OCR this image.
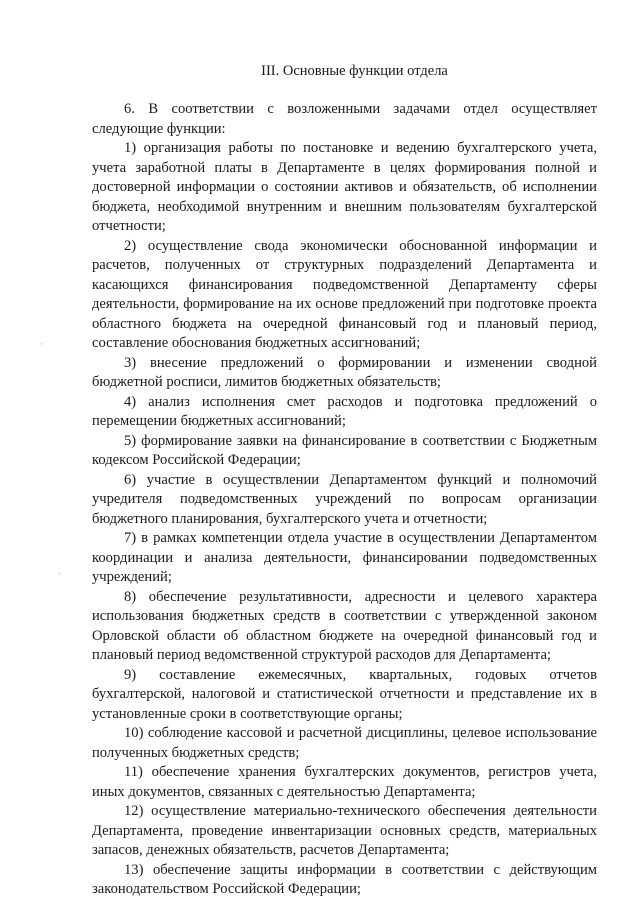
III. Основные функции отдела

6. В соответствии с возложенными задачами отдел осуществляет следующие функции:

1) организация работы по постановке и ведению бухгалтерского учета, учета заработной платы в Департаменте в целях формирования полной и достоверной информации о состоянии активов и обязательств, об исполнении бюджета, необходимой внутренним и внешним пользователям бухгалтерской отчетности;

2) осуществление свода экономически обоснованной информации и расчетов, полученных от структурных подразделений Департамента и касающихся финансирования подведомственной Департаменту сферы деятельности, формирование на их основе предложений при подготовке проекта областного бюджета на очередной финансовый год и плановый период, составление обоснования бюджетных ассигнований;

3) внесение предложений о формировании и изменении сводной бюджетной росписи, лимитов бюджетных обязательств;

4) анализ исполнения смет расходов и подготовка предложений о перемещении бюджетных ассигнований;

5) формирование заявки на финансирование в соответствии с Бюджетным кодексом Российской Федерации;

6) участие в осуществлении Департаментом функций и полномочий учредителя подведомственных учреждений по вопросам организации бюджетного планирования, бухгалтерского учета и отчетности;

7) в рамках компетенции отдела участие в осуществлении Департаментом координации и анализа деятельности, финансировании подведомственных учреждений;

8) обеспечение результативности, адресности и целевого характера использования бюджетных средств в соответствии с утвержденной законом Орловской области об областном бюджете на очередной финансовый год и плановый период ведомственной структурой расходов для Департамента;

9) составление ежемесячных, квартальных, годовых отчетов бухгалтерской, налоговой и статистической отчетности и представление их в установленные сроки в соответствующие органы;

10) соблюдение кассовой и расчетной дисциплины, целевое использование полученных бюджетных средств;

11) обеспечение хранения бухгалтерских документов, регистров учета, иных документов, связанных с деятельностью Департамента;

12) осуществление материально-технического обеспечения деятельности Департамента, проведение инвентаризации основных средств, материальных запасов, денежных обязательств, расчетов Департамента;

13) обеспечение защиты информации в соответствии с действующим законодательством Российской Федерации;

·
·
